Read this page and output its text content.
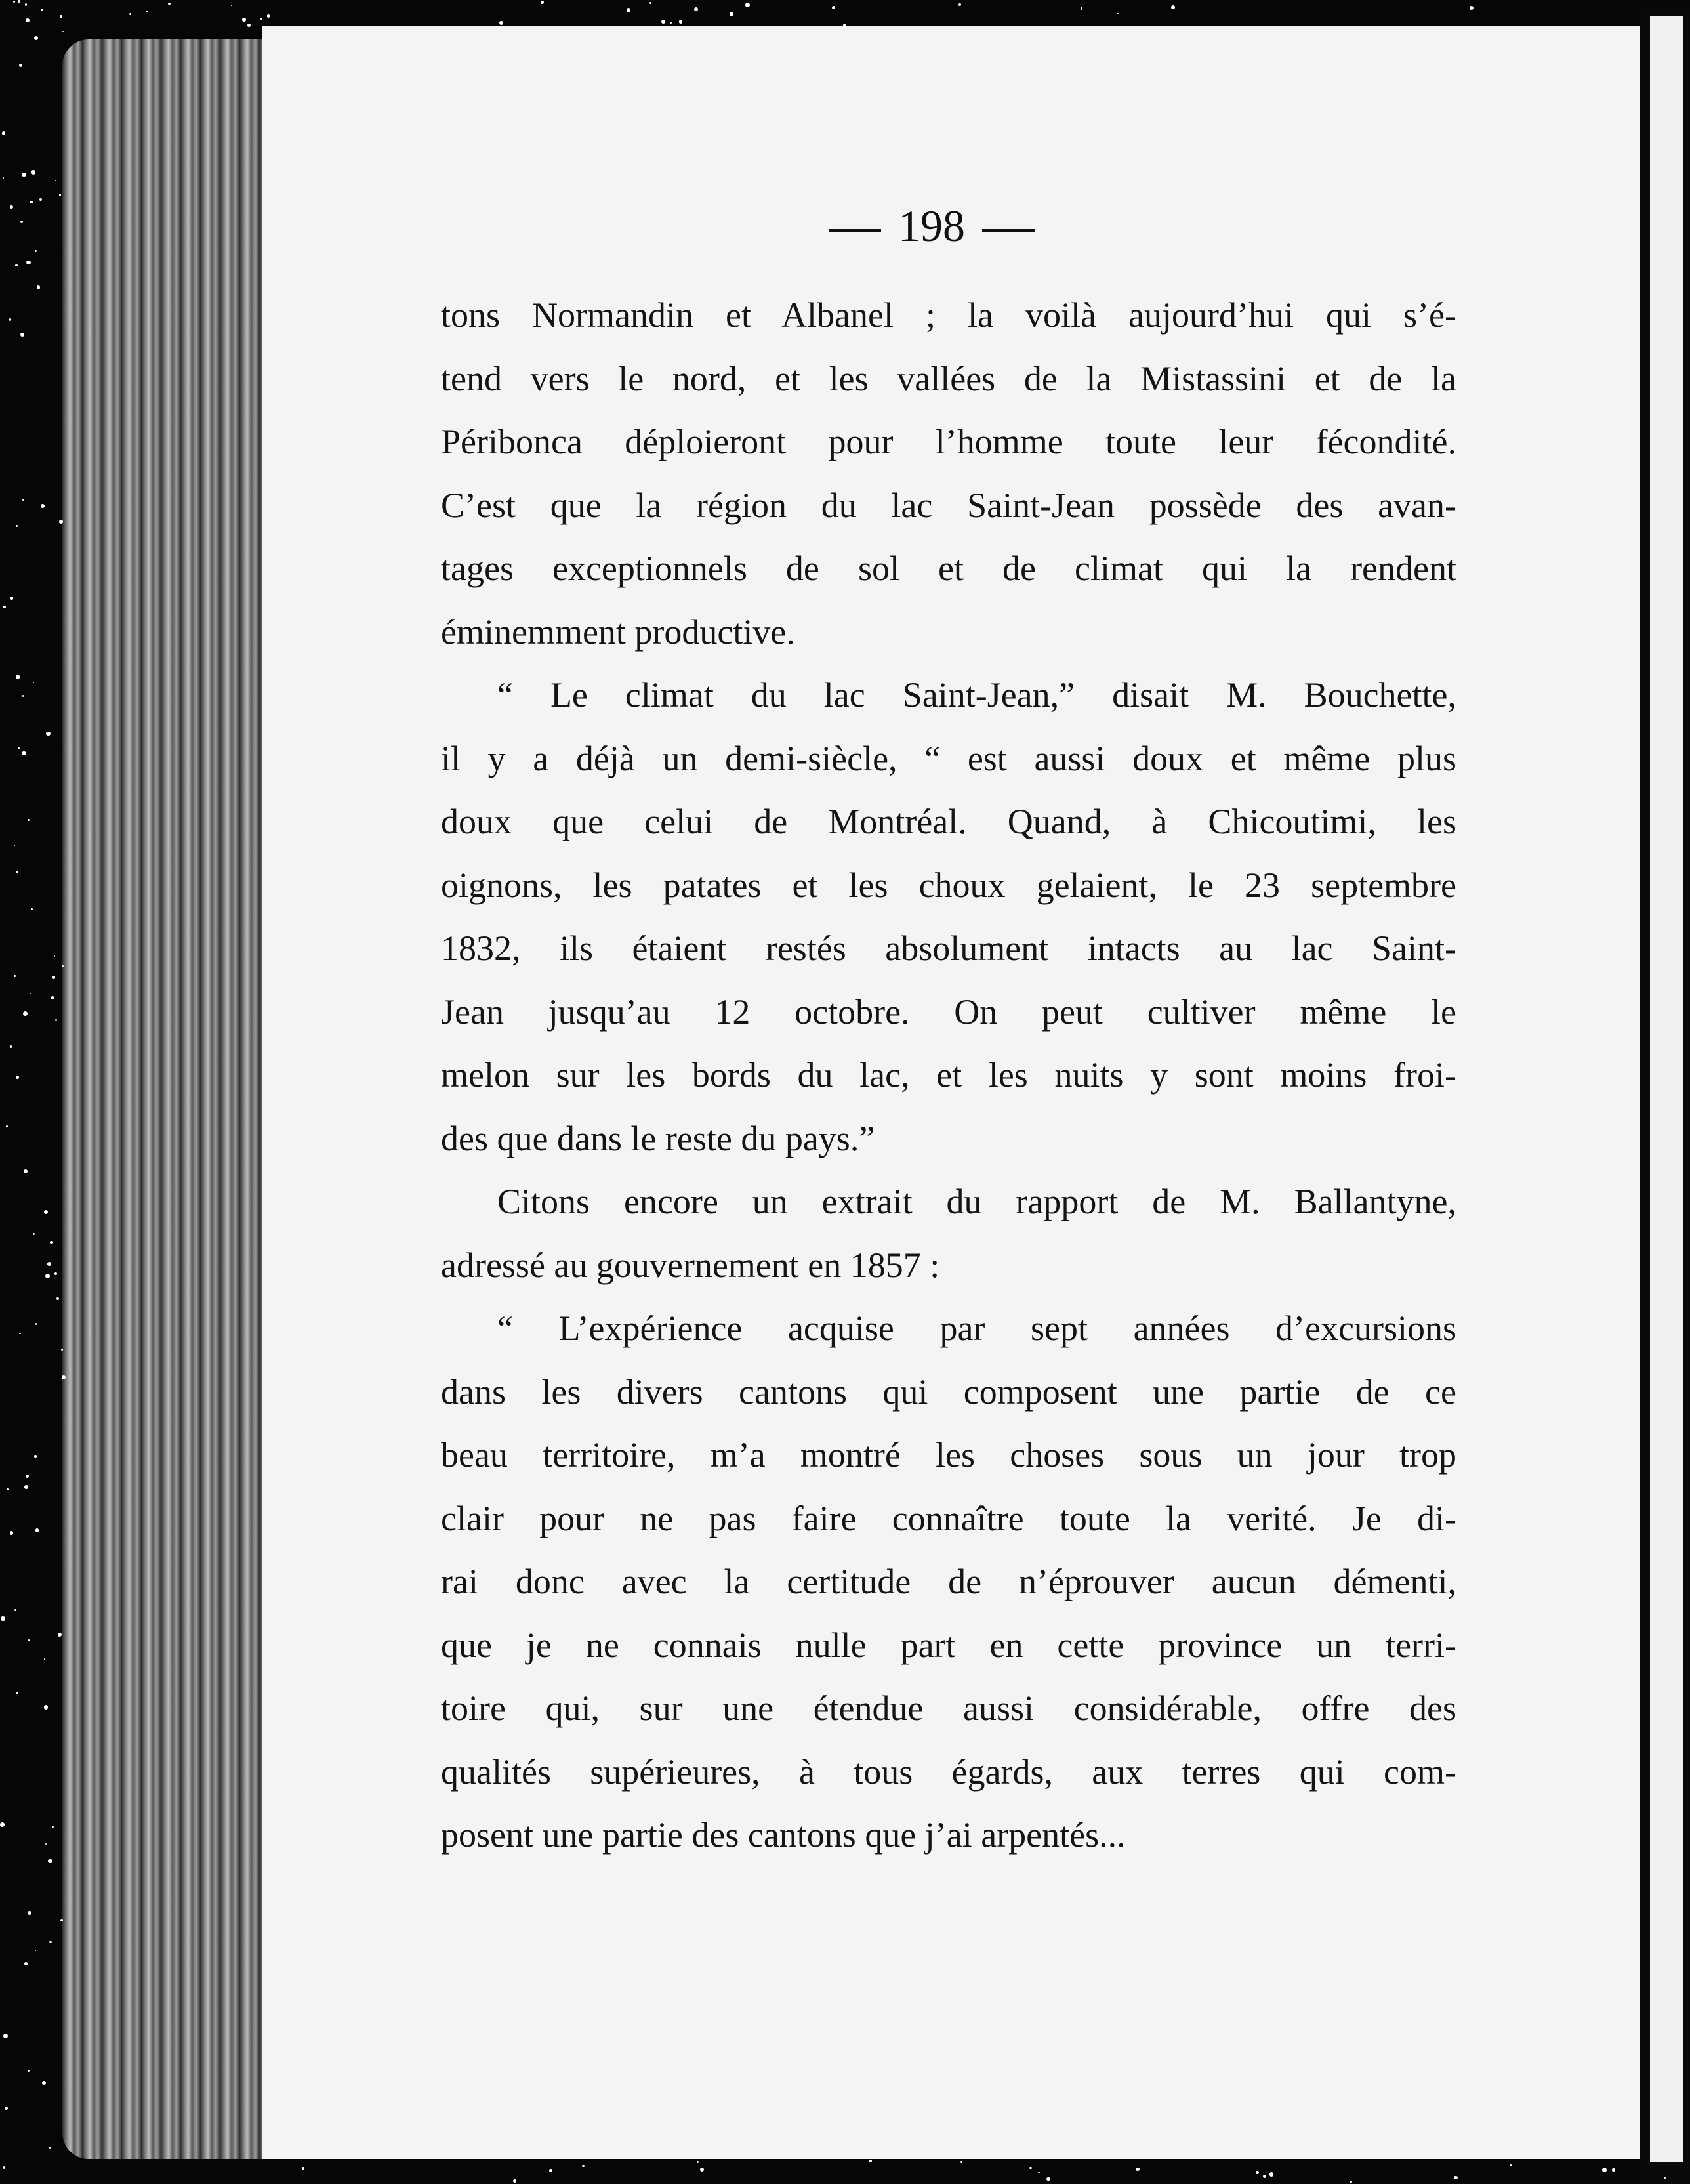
198

tons Normandin et Albanel ; la voilà aujourd’hui qui s’é-
tend vers le nord, et les vallées de la Mistassini et de la
Péribonca déploieront pour l’homme toute leur fécondité.
C’est que la région du lac Saint-Jean possède des avan-
tages exceptionnels de sol et de climat qui la rendent
éminemment productive.

“ Le climat du lac Saint-Jean,” disait M. Bouchette,
il y a déjà un demi-siècle, “ est aussi doux et même plus
doux que celui de Montréal. Quand, à Chicoutimi, les
oignons, les patates et les choux gelaient, le 23 septembre
1832, ils étaient restés absolument intacts au lac Saint-
Jean jusqu’au 12 octobre. On peut cultiver même le
melon sur les bords du lac, et les nuits y sont moins froi-
des que dans le reste du pays.”

Citons encore un extrait du rapport de M. Ballantyne,
adressé au gouvernement en 1857 :

“ L’expérience acquise par sept années d’excursions
dans les divers cantons qui composent une partie de ce
beau territoire, m’a montré les choses sous un jour trop
clair pour ne pas faire connaître toute la verité. Je di-
rai donc avec la certitude de n’éprouver aucun démenti,
que je ne connais nulle part en cette province un terri-
toire qui, sur une étendue aussi considérable, offre des
qualités supérieures, à tous égards, aux terres qui com-
posent une partie des cantons que j’ai arpentés...
